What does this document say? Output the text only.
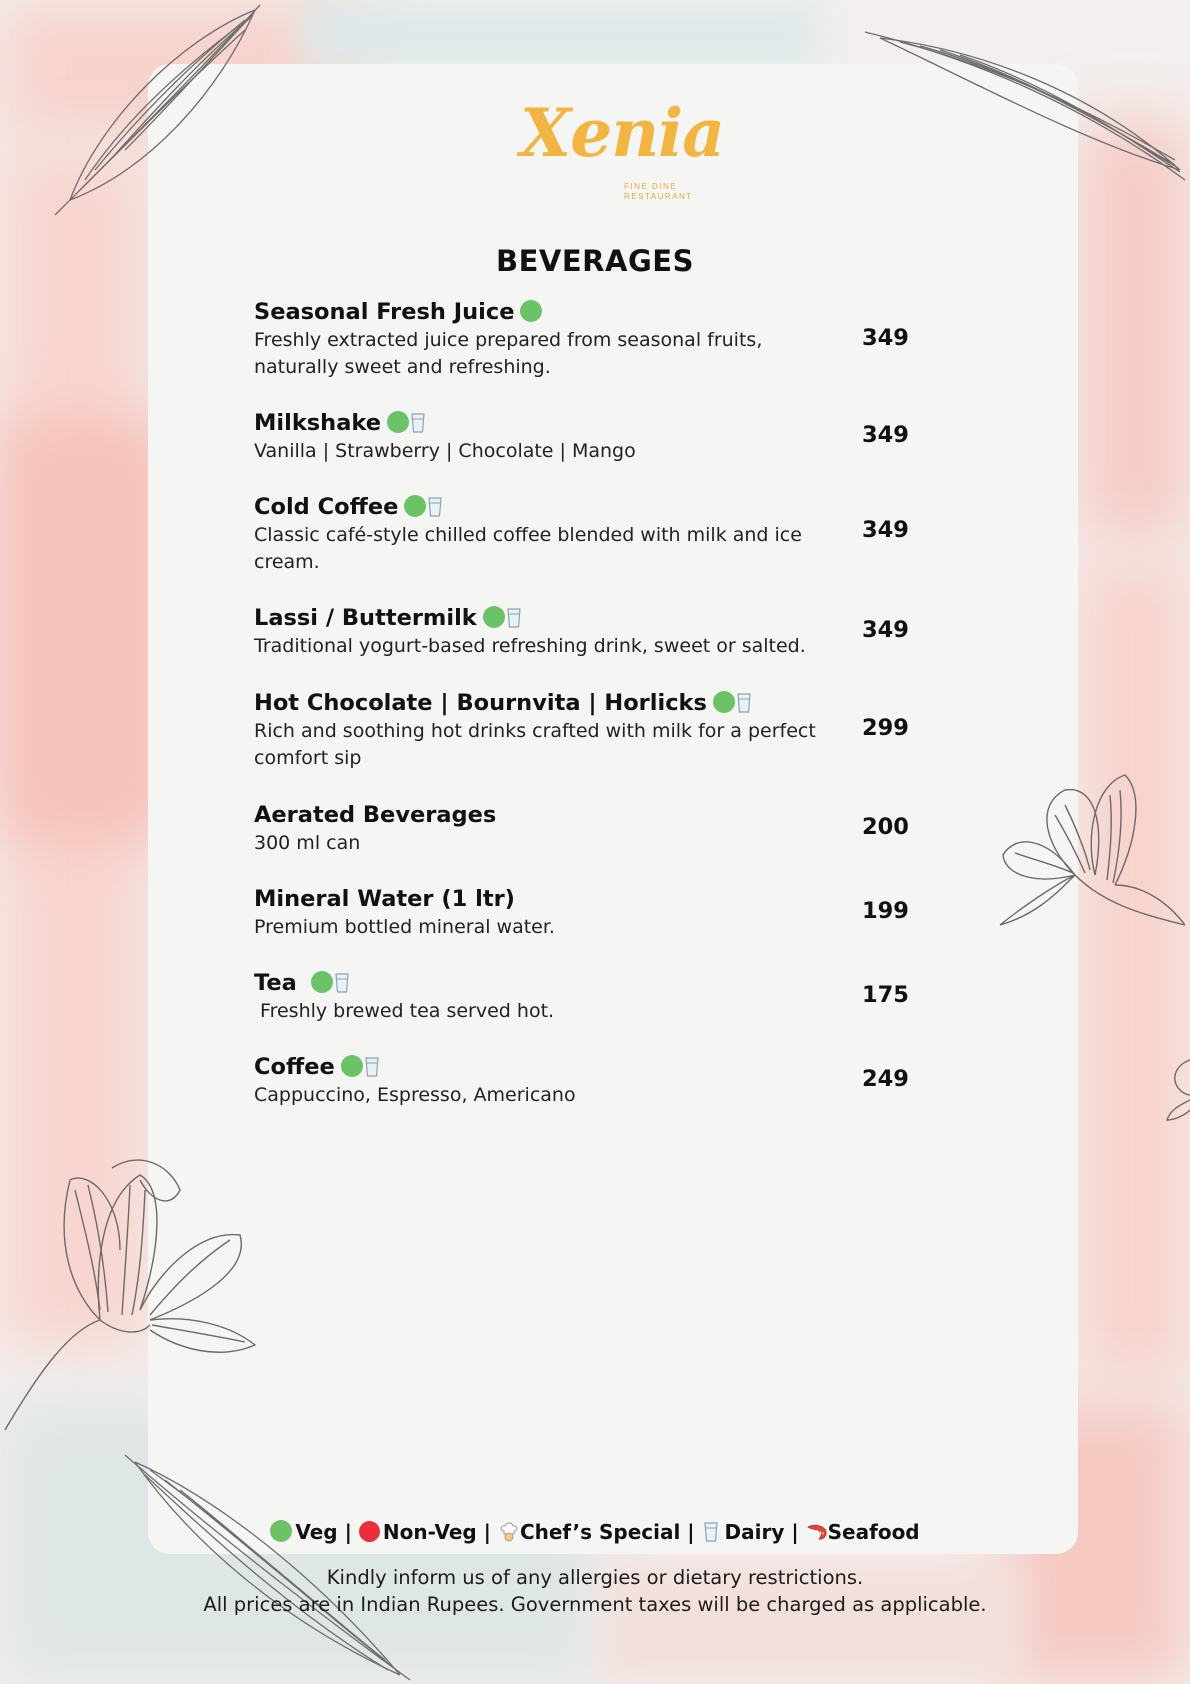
Xenia
FINE DINE
RESTAURANT
BEVERAGES
Seasonal Fresh Juice
Freshly extracted juice prepared from seasonal fruits, naturally sweet and refreshing.
349
Milkshake
Vanilla | Strawberry | Chocolate | Mango
349
Cold Coffee
Classic café-style chilled coffee blended with milk and ice cream.
349
Lassi / Buttermilk
Traditional yogurt-based refreshing drink, sweet or salted.
349
Hot Chocolate | Bournvita | Horlicks
Rich and soothing hot drinks crafted with milk for a perfect comfort sip
299
Aerated Beverages
300 ml can
200
Mineral Water (1 ltr)
Premium bottled mineral water.
199
Tea
Freshly brewed tea served hot.
175
Coffee
Cappuccino, Espresso, Americano
249
Veg | Non-Veg | Chef’s Special | Dairy | Seafood
Kindly inform us of any allergies or dietary restrictions.
All prices are in Indian Rupees. Government taxes will be charged as applicable.
